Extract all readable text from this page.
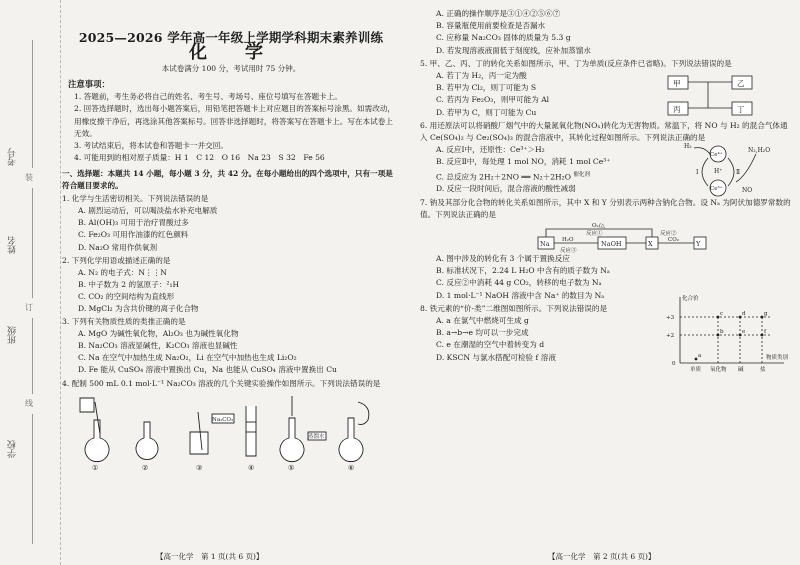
考号
姓名
班级
学校
装
订
线
2025—2026 学年高一年级上学期学科期末素养训练
化　学
本试卷满分 100 分，考试用时 75 分钟。
注意事项：
1. 答题前，考生务必将自己的姓名、考生号、考场号、座位号填写在答题卡上。
2. 回答选择题时，选出每小题答案后，用铅笔把答题卡上对应题目的答案标号涂黑。如需改动，用橡皮擦干净后，再选涂其他答案标号。回答非选择题时，将答案写在答题卡上。写在本试卷上无效。
3. 考试结束后，将本试卷和答题卡一并交回。
4. 可能用到的相对原子质量：H 1　C 12　O 16　Na 23　S 32　Fe 56
一、选择题：本题共 14 小题，每小题 3 分，共 42 分。在每小题给出的四个选项中，只有一项是符合题目要求的。
1. 化学与生活密切相关。下列说法错误的是
A. 剧烈运动后，可以喝淡盐水补充电解质
B. Al(OH)₃ 可用于治疗胃酸过多
C. Fe₂O₃ 可用作油漆的红色颜料
D. Na₂O 常用作供氧剂
2. 下列化学用语或描述正确的是
A. N₂ 的电子式：N⋮⋮N
B. 中子数为 2 的氢原子：²₁H
C. CO₂ 的空间结构为直线形
D. MgCl₂ 为含共价键的离子化合物
3. 下列有关物质性质的类推正确的是
A. MgO 为碱性氧化物，Al₂O₃ 也为碱性氧化物
B. Na₂CO₃ 溶液显碱性，K₂CO₃ 溶液也显碱性
C. Na 在空气中加热生成 Na₂O₂，Li 在空气中加热也生成 Li₂O₂
D. Fe 能从 CuSO₄ 溶液中置换出 Cu，Na 也能从 CuSO₄ 溶液中置换出 Cu
4. 配制 500 mL 0.1 mol·L⁻¹ Na₂CO₃ 溶液的几个关键实验操作如图所示。下列说法错误的是
①	②	③	④	⑤	⑥
Na₂CO₃
蒸馏水
【高一化学　第 1 页(共 6 页)】
A. 正确的操作顺序是③①④②⑤⑥⑦
B. 容量瓶使用前要检查是否漏水
C. 应称量 Na₂CO₃ 固体的质量为 5.3 g
D. 若发现溶液液面低于刻度线，应补加蒸馏水
5. 甲、乙、丙、丁的转化关系如图所示，甲、丁为单质(反应条件已省略)。下列说法错误的是
A. 若丁为 H₂，丙一定为酸
B. 若甲为 Cl₂，则丁可能为 S
C. 若丙为 Fe₂O₃，则甲可能为 Al
D. 若甲为 C，则丁可能为 Cu
甲	乙
丙	丁
6. 用还原法可以将硝酸厂烟气中的大量氮氧化物(NOₓ)转化为无害物质。常温下，将 NO 与 H₂ 的混合气体通入 Ce(SO₄)₂ 与 Ce₂(SO₄)₃ 的混合溶液中，其转化过程如图所示。下列说法正确的是
A. 反应Ⅰ中，还原性：Ce³⁺＞H₂
B. 反应Ⅱ中，每处理 1 mol NO，消耗 1 mol Ce³⁺
C. 总反应为 2H₂＋2NO ══ N₂＋2H₂O $^{催化剂}$
D. 反应一段时间后，混合溶液的酸性减弱
H₂
Ce⁴⁺
Ce³⁺
H⁺
NO
N₂,H₂O
Ⅰ	Ⅱ
7. 钠及其部分化合物的转化关系如图所示，其中 X 和 Y 分别表示两种含钠化合物。设 Nₐ 为阿伏加德罗常数的值。下列说法正确的是
Na	NaOH	X	Y
O₂/△
反应①
H₂O
反应②
CO₂
反应③
A. 图中涉及的转化有 3 个属于置换反应
B. 标准状况下，2.24 L H₂O 中含有的质子数为 Nₐ
C. 反应②中消耗 44 g CO₂，转移的电子数为 Nₐ
D. 1 mol·L⁻¹ NaOH 溶液中含 Na⁺ 的数目为 Nₐ
8. 铁元素的“价-类”二维图如图所示。下列说法错误的是
A. a 在氯气中燃烧可生成 g
B. a→b→e 均可以一步完成
C. e 在潮湿的空气中着转变为 d
D. KSCN 与氯水搭配可检验 f 溶液
化合价
+3
+2
0
物质类别
单质 氧化物 碱	盐
a
b
c	d
e	f
g
【高一化学　第 2 页(共 6 页)】
